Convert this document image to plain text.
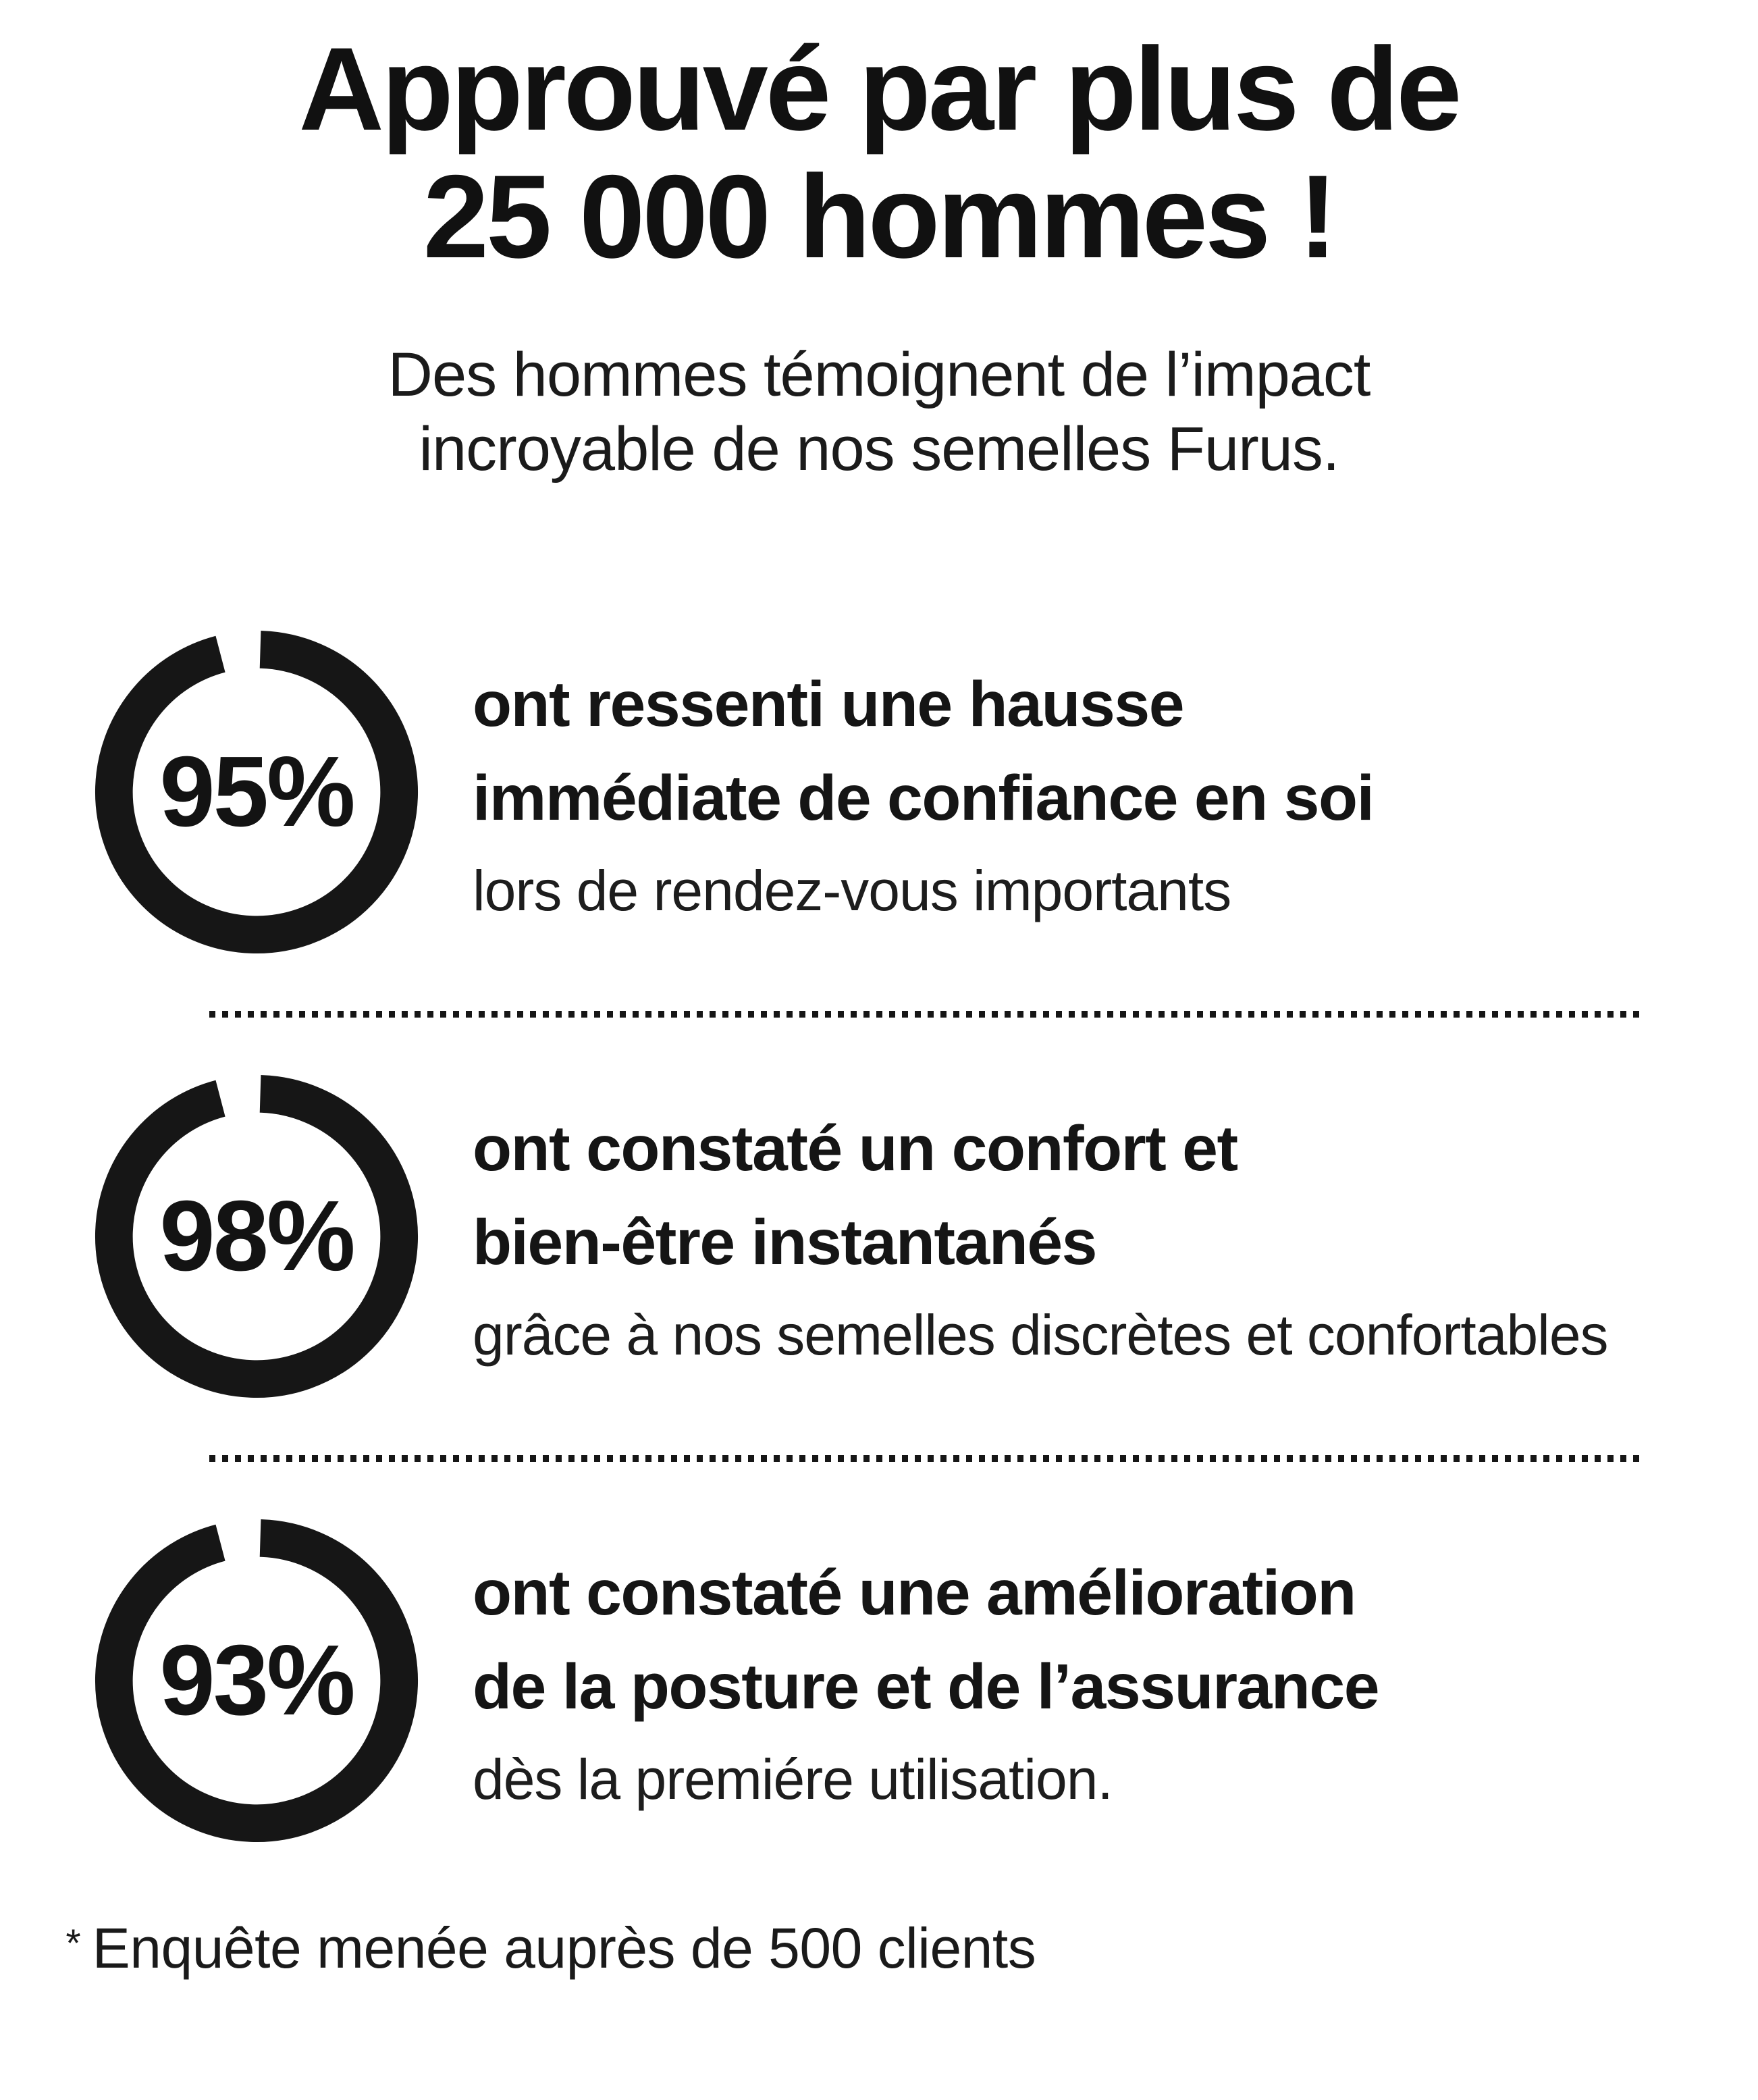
Approuvé par plus de
25 000 hommes !

Des hommes témoignent de l’impact
incroyable de nos semelles Furus.

95%

ont ressenti une hausse
immédiate de confiance en soi

lors de rendez-vous importants

98%

ont constaté un confort et
bien-être instantanés

grâce à nos semelles discrètes et confortables

93%

ont constaté une amélioration
de la posture et de l’assurance

dès la premiére utilisation.

* Enquête menée auprès de 500 clients
